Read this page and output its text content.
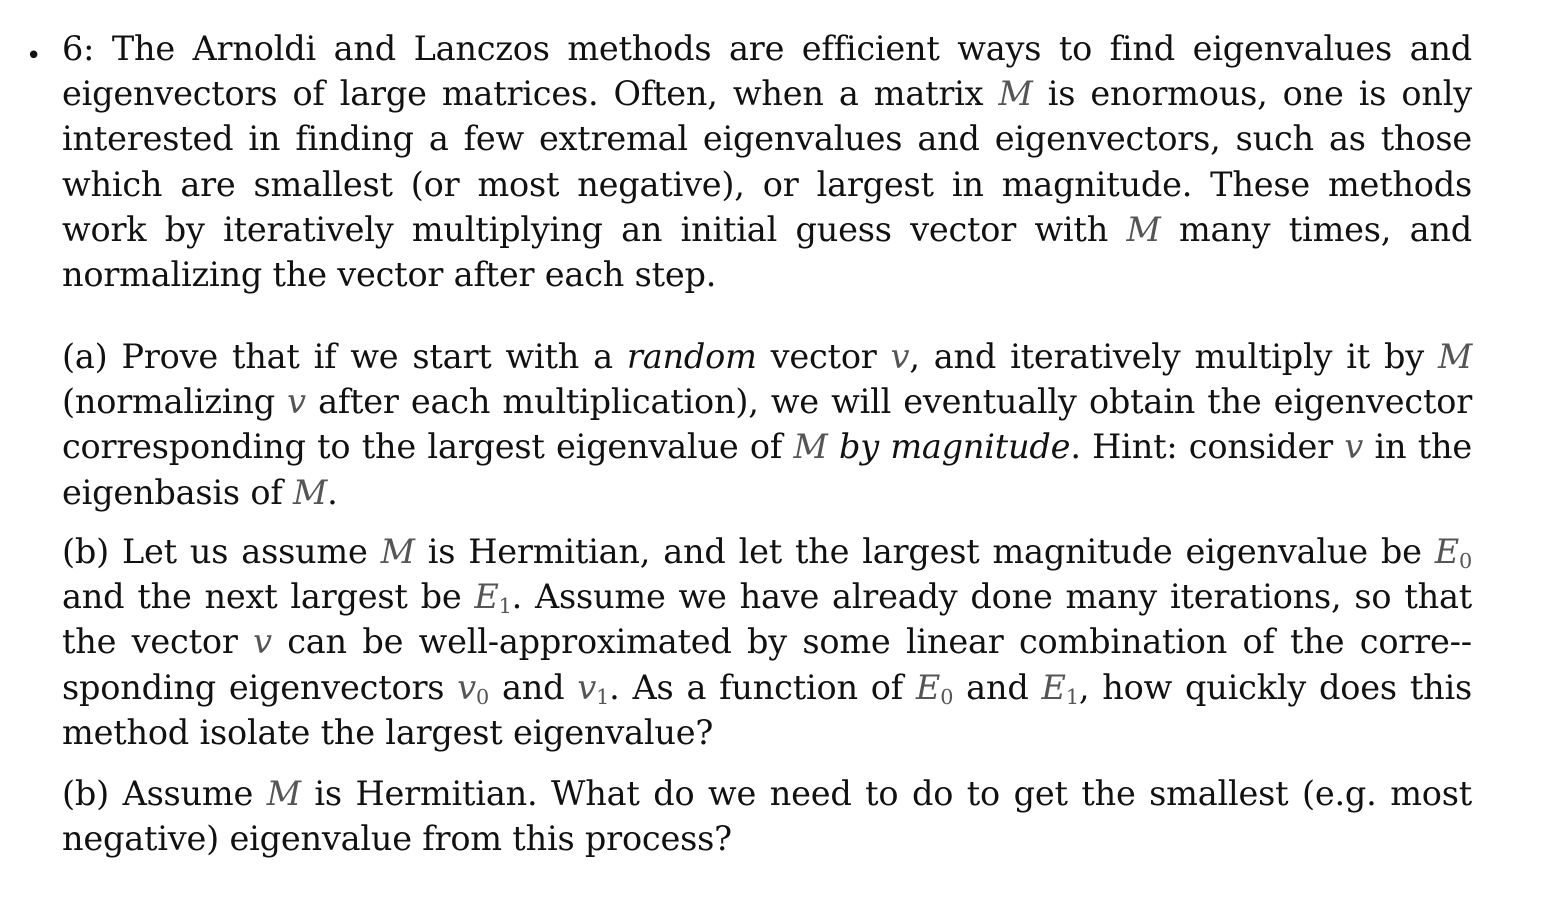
• 6: The Arnoldi and Lanczos methods are efficient ways to find eigenvalues and eigenvectors of large matrices. Often, when a matrix M is enormous, one is only interested in finding a few extremal eigenvalues and eigenvectors, such as those which are smallest (or most negative), or largest in magnitude. These methods work by iteratively multiplying an initial guess vector with M many times, and normalizing the vector after each step.
(a) Prove that if we start with a random vector v, and iteratively multiply it by M (normalizing v after each multiplication), we will eventually obtain the eigenvector corresponding to the largest eigenvalue of M by magnitude. Hint: consider v in the eigenbasis of M.
(b) Let us assume M is Hermitian, and let the largest magnitude eigenvalue be $E_0$ and the next largest be $E_1$. Assume we have already done many iterations, so that the vector v can be well-approximated by some linear combination of the corre-sponding eigenvectors $v_0$ and $v_1$. As a function of $E_0$ and $E_1$, how quickly does this method isolate the largest eigenvalue?
(b) Assume M is Hermitian. What do we need to do to get the smallest (e.g. most negative) eigenvalue from this process?
